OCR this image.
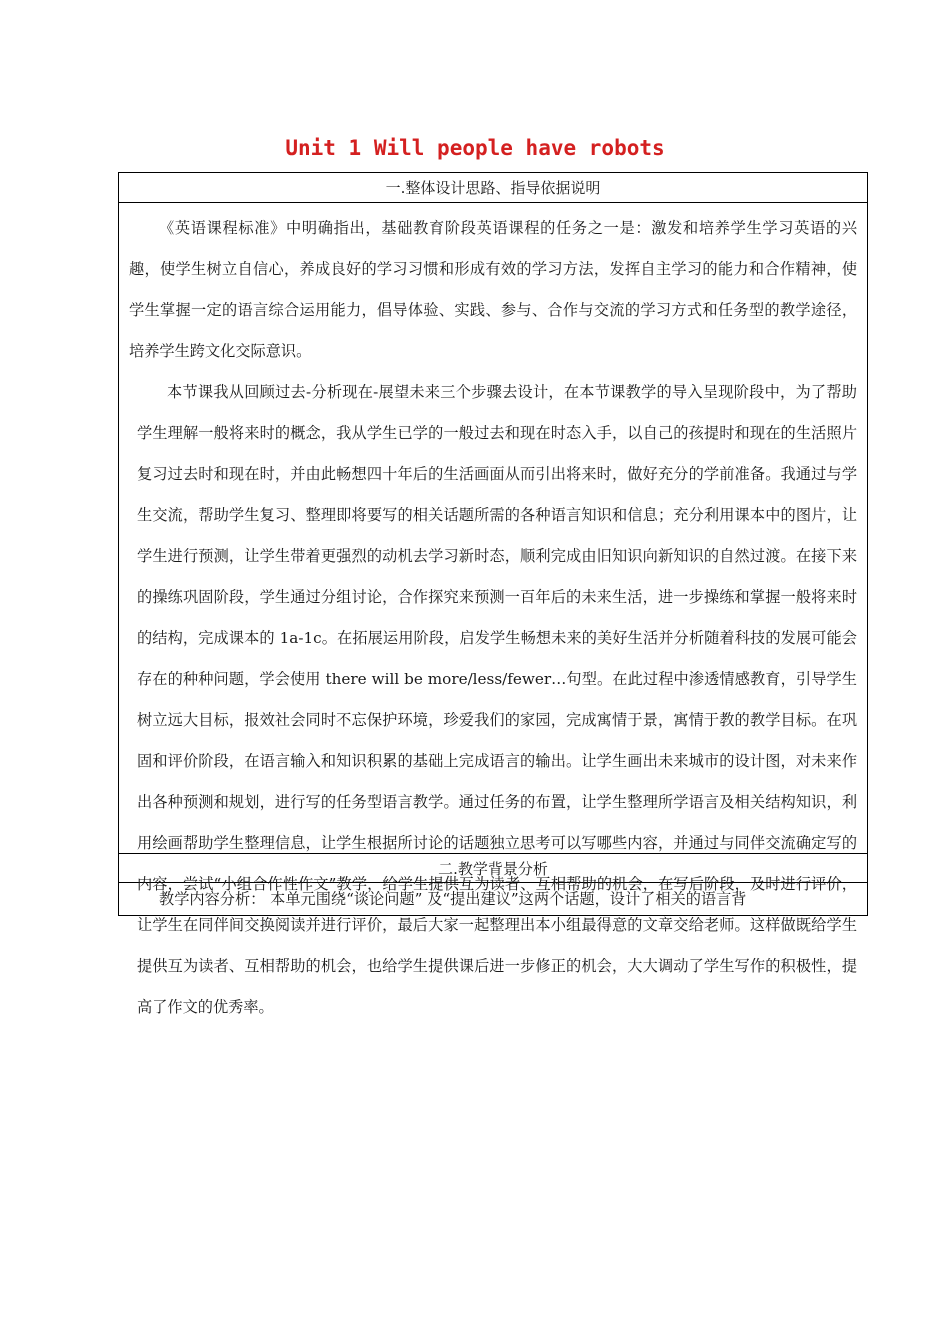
Unit 1 Will people have robots
一.整体设计思路、指导依据说明

《英语课程标准》中明确指出，基础教育阶段英语课程的任务之一是：激发和培养学生学习英语的兴趣，使学生树立自信心，养成良好的学习习惯和形成有效的学习方法，发挥自主学习的能力和合作精神，使学生掌握一定的语言综合运用能力，倡导体验、实践、参与、合作与交流的学习方式和任务型的教学途径，培养学生跨文化交际意识。

本节课我从回顾过去-分析现在-展望未来三个步骤去设计，在本节课教学的导入呈现阶段中，为了帮助学生理解一般将来时的概念，我从学生已学的一般过去和现在时态入手，以自己的孩提时和现在的生活照片复习过去时和现在时，并由此畅想四十年后的生活画面从而引出将来时，做好充分的学前准备。我通过与学生交流，帮助学生复习、整理即将要写的相关话题所需的各种语言知识和信息；充分利用课本中的图片，让学生进行预测，让学生带着更强烈的动机去学习新时态，顺利完成由旧知识向新知识的自然过渡。在接下来的操练巩固阶段，学生通过分组讨论，合作探究来预测一百年后的未来生活，进一步操练和掌握一般将来时的结构，完成课本的 1a-1c。在拓展运用阶段，启发学生畅想未来的美好生活并分析随着科技的发展可能会存在的种种问题，学会使用 there will be more/less/fewer…句型。在此过程中渗透情感教育，引导学生树立远大目标，报效社会同时不忘保护环境，珍爱我们的家园，完成寓情于景，寓情于教的教学目标。在巩固和评价阶段，在语言输入和知识积累的基础上完成语言的输出。让学生画出未来城市的设计图，对未来作出各种预测和规划，进行写的任务型语言教学。通过任务的布置，让学生整理所学语言及相关结构知识，利用绘画帮助学生整理信息，让学生根据所讨论的话题独立思考可以写哪些内容，并通过与同伴交流确定写的内容，尝试“小组合作性作文”教学，给学生提供互为读者、互相帮助的机会，在写后阶段，及时进行评价，让学生在同伴间交换阅读并进行评价，最后大家一起整理出本小组最得意的文章交给老师。这样做既给学生提供互为读者、互相帮助的机会，也给学生提供课后进一步修正的机会，大大调动了学生写作的积极性，提高了作文的优秀率。

二.教学背景分析
教学内容分析： 本单元围绕“谈论问题” 及“提出建议”这两个话题，设计了相关的语言背
